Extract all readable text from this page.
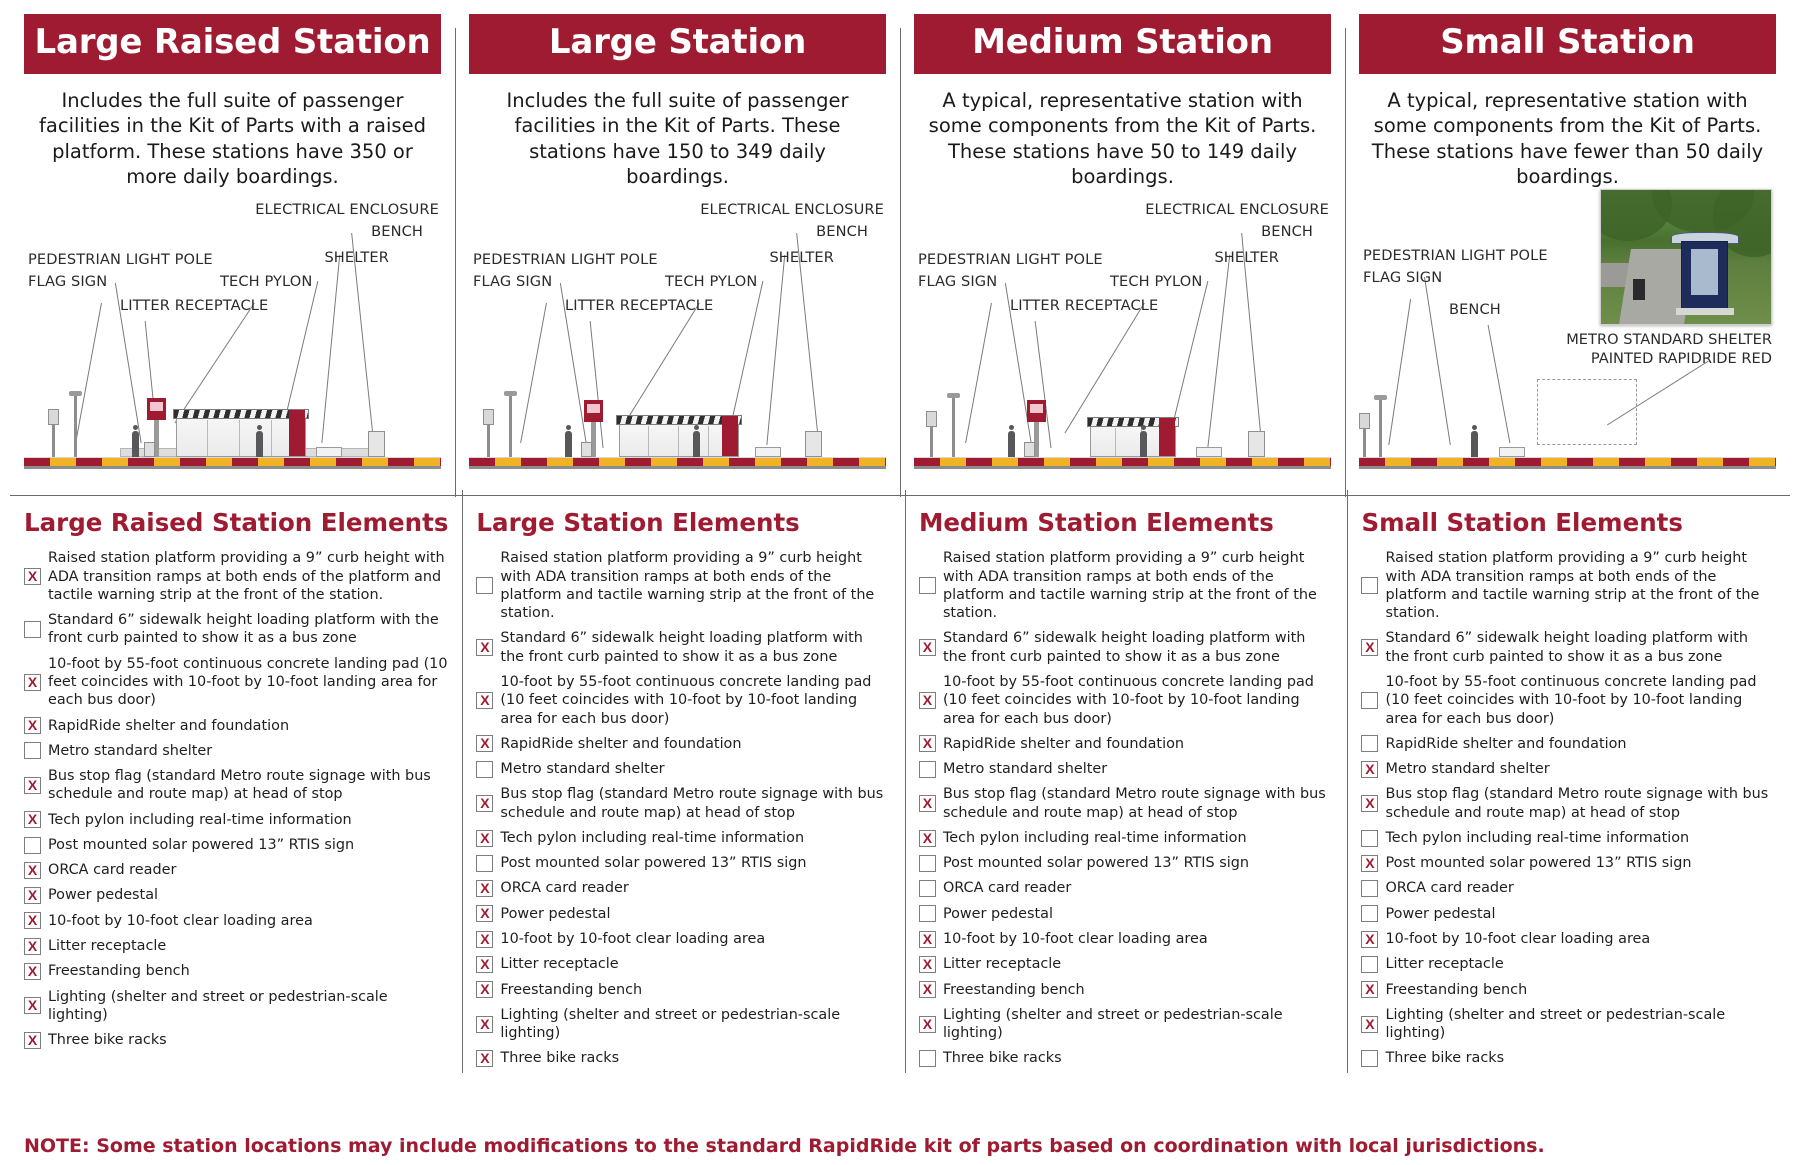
Large Raised Station
Includes the full suite of passenger facilities in the Kit of Parts with a raised platform. These stations have 350 or more daily boardings.
PEDESTRIAN LIGHT POLE
FLAG SIGN
LITTER RECEPTACLE
ELECTRICAL ENCLOSURE
BENCH
SHELTER
TECH PYLON
Large Station
Includes the full suite of passenger facilities in the Kit of Parts. These stations have 150 to 349 daily boardings.
PEDESTRIAN LIGHT POLE
FLAG SIGN
LITTER RECEPTACLE
ELECTRICAL ENCLOSURE
BENCH
SHELTER
TECH PYLON
Medium Station
A typical, representative station with some components from the Kit of Parts. These stations have 50 to 149 daily boardings.
PEDESTRIAN LIGHT POLE
FLAG SIGN
LITTER RECEPTACLE
ELECTRICAL ENCLOSURE
BENCH
SHELTER
TECH PYLON
Small Station
A typical, representative station with some components from the Kit of Parts. These stations have fewer than 50 daily boardings.
PEDESTRIAN LIGHT POLE
FLAG SIGN
BENCH
METRO STANDARD SHELTER
PAINTED RAPIDRIDE RED
Large Raised Station Elements
X
Raised station platform providing a 9” curb height with ADA transition ramps at both ends of the platform and tactile warning strip at the front of the station.
Standard 6” sidewalk height loading platform with the front curb painted to show it as a bus zone
X
10-foot by 55-foot continuous concrete landing pad (10 feet coincides with 10-foot by 10-foot landing area for each bus door)
X RapidRide shelter and foundation
Metro standard shelter
X
Bus stop flag (standard Metro route signage with bus schedule and route map) at head of stop
X Tech pylon including real-time information
Post mounted solar powered 13” RTIS sign
X ORCA card reader
X Power pedestal
X 10-foot by 10-foot clear loading area
X Litter receptacle
X Freestanding bench
X
Lighting (shelter and street or pedestrian-scale lighting)
X Three bike racks
Large Station Elements
Raised station platform providing a 9” curb height with ADA transition ramps at both ends of the platform and tactile warning strip at the front of the station.
X
Standard 6” sidewalk height loading platform with the front curb painted to show it as a bus zone
X
10-foot by 55-foot continuous concrete landing pad (10 feet coincides with 10-foot by 10-foot landing area for each bus door)
X RapidRide shelter and foundation
Metro standard shelter
X
Bus stop flag (standard Metro route signage with bus schedule and route map) at head of stop
X Tech pylon including real-time information
Post mounted solar powered 13” RTIS sign
X ORCA card reader
X Power pedestal
X 10-foot by 10-foot clear loading area
X Litter receptacle
X Freestanding bench
X
Lighting (shelter and street or pedestrian-scale lighting)
X Three bike racks
Medium Station Elements
Raised station platform providing a 9” curb height with ADA transition ramps at both ends of the platform and tactile warning strip at the front of the station.
X
Standard 6” sidewalk height loading platform with the front curb painted to show it as a bus zone
X
10-foot by 55-foot continuous concrete landing pad (10 feet coincides with 10-foot by 10-foot landing area for each bus door)
X RapidRide shelter and foundation
Metro standard shelter
X
Bus stop flag (standard Metro route signage with bus schedule and route map) at head of stop
X Tech pylon including real-time information
Post mounted solar powered 13” RTIS sign
ORCA card reader
Power pedestal
X 10-foot by 10-foot clear loading area
X Litter receptacle
X Freestanding bench
X
Lighting (shelter and street or pedestrian-scale lighting)
Three bike racks
Small Station Elements
Raised station platform providing a 9” curb height with ADA transition ramps at both ends of the platform and tactile warning strip at the front of the station.
X
Standard 6” sidewalk height loading platform with the front curb painted to show it as a bus zone
10-foot by 55-foot continuous concrete landing pad (10 feet coincides with 10-foot by 10-foot landing area for each bus door)
RapidRide shelter and foundation
X Metro standard shelter
X
Bus stop flag (standard Metro route signage with bus schedule and route map) at head of stop
Tech pylon including real-time information
X Post mounted solar powered 13” RTIS sign
ORCA card reader
Power pedestal
X 10-foot by 10-foot clear loading area
Litter receptacle
X Freestanding bench
X
Lighting (shelter and street or pedestrian-scale lighting)
Three bike racks
NOTE: Some station locations may include modifications to the standard RapidRide kit of parts based on coordination with local jurisdictions.
